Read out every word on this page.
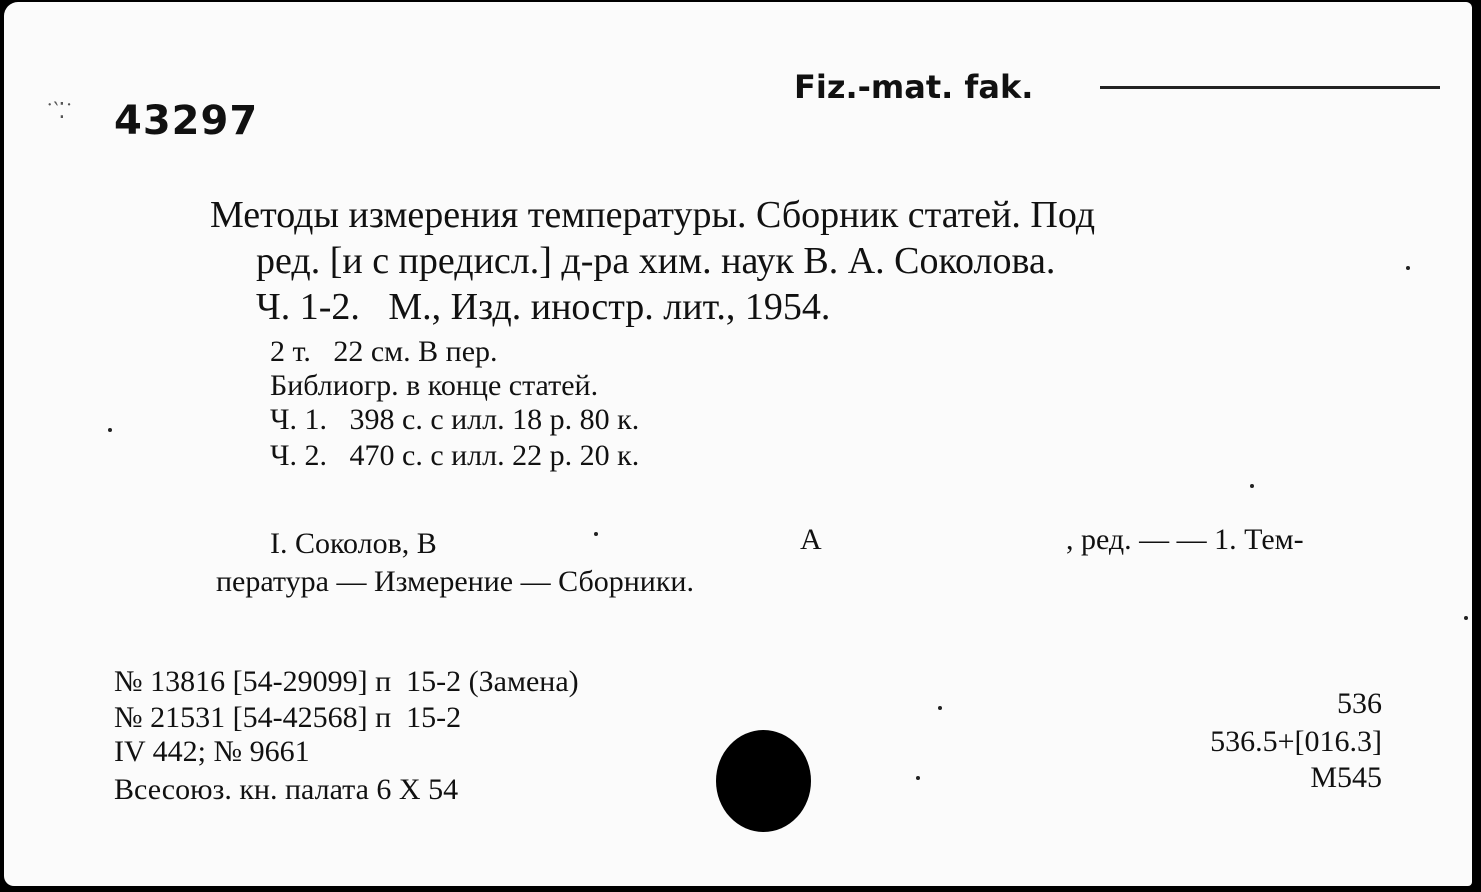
˙‵⁚˙ 43297
Fiz.-mat. fak.
Методы измерения температуры. Сборник статей. Под
ред. [и с предисл.] д-ра хим. наук В. А. Соколова.
Ч. 1-2.   М., Изд. иностр. лит., 1954.
2 т.   22 см. В пер.
Библиогр. в конце статей.
Ч. 1.   398 с. с илл. 18 р. 80 к.
Ч. 2.   470 с. с илл. 22 р. 20 к.
I. Соколов, В	А	, ред. — — 1. Тем-
пература — Измерение — Сборники.
№ 13816 [54-29099] п  15-2 (Замена)
№ 21531 [54-42568] п  15-2
IV 442; № 9661
Всесоюз. кн. палата 6 X 54
536
536.5+[016.3]
М545
